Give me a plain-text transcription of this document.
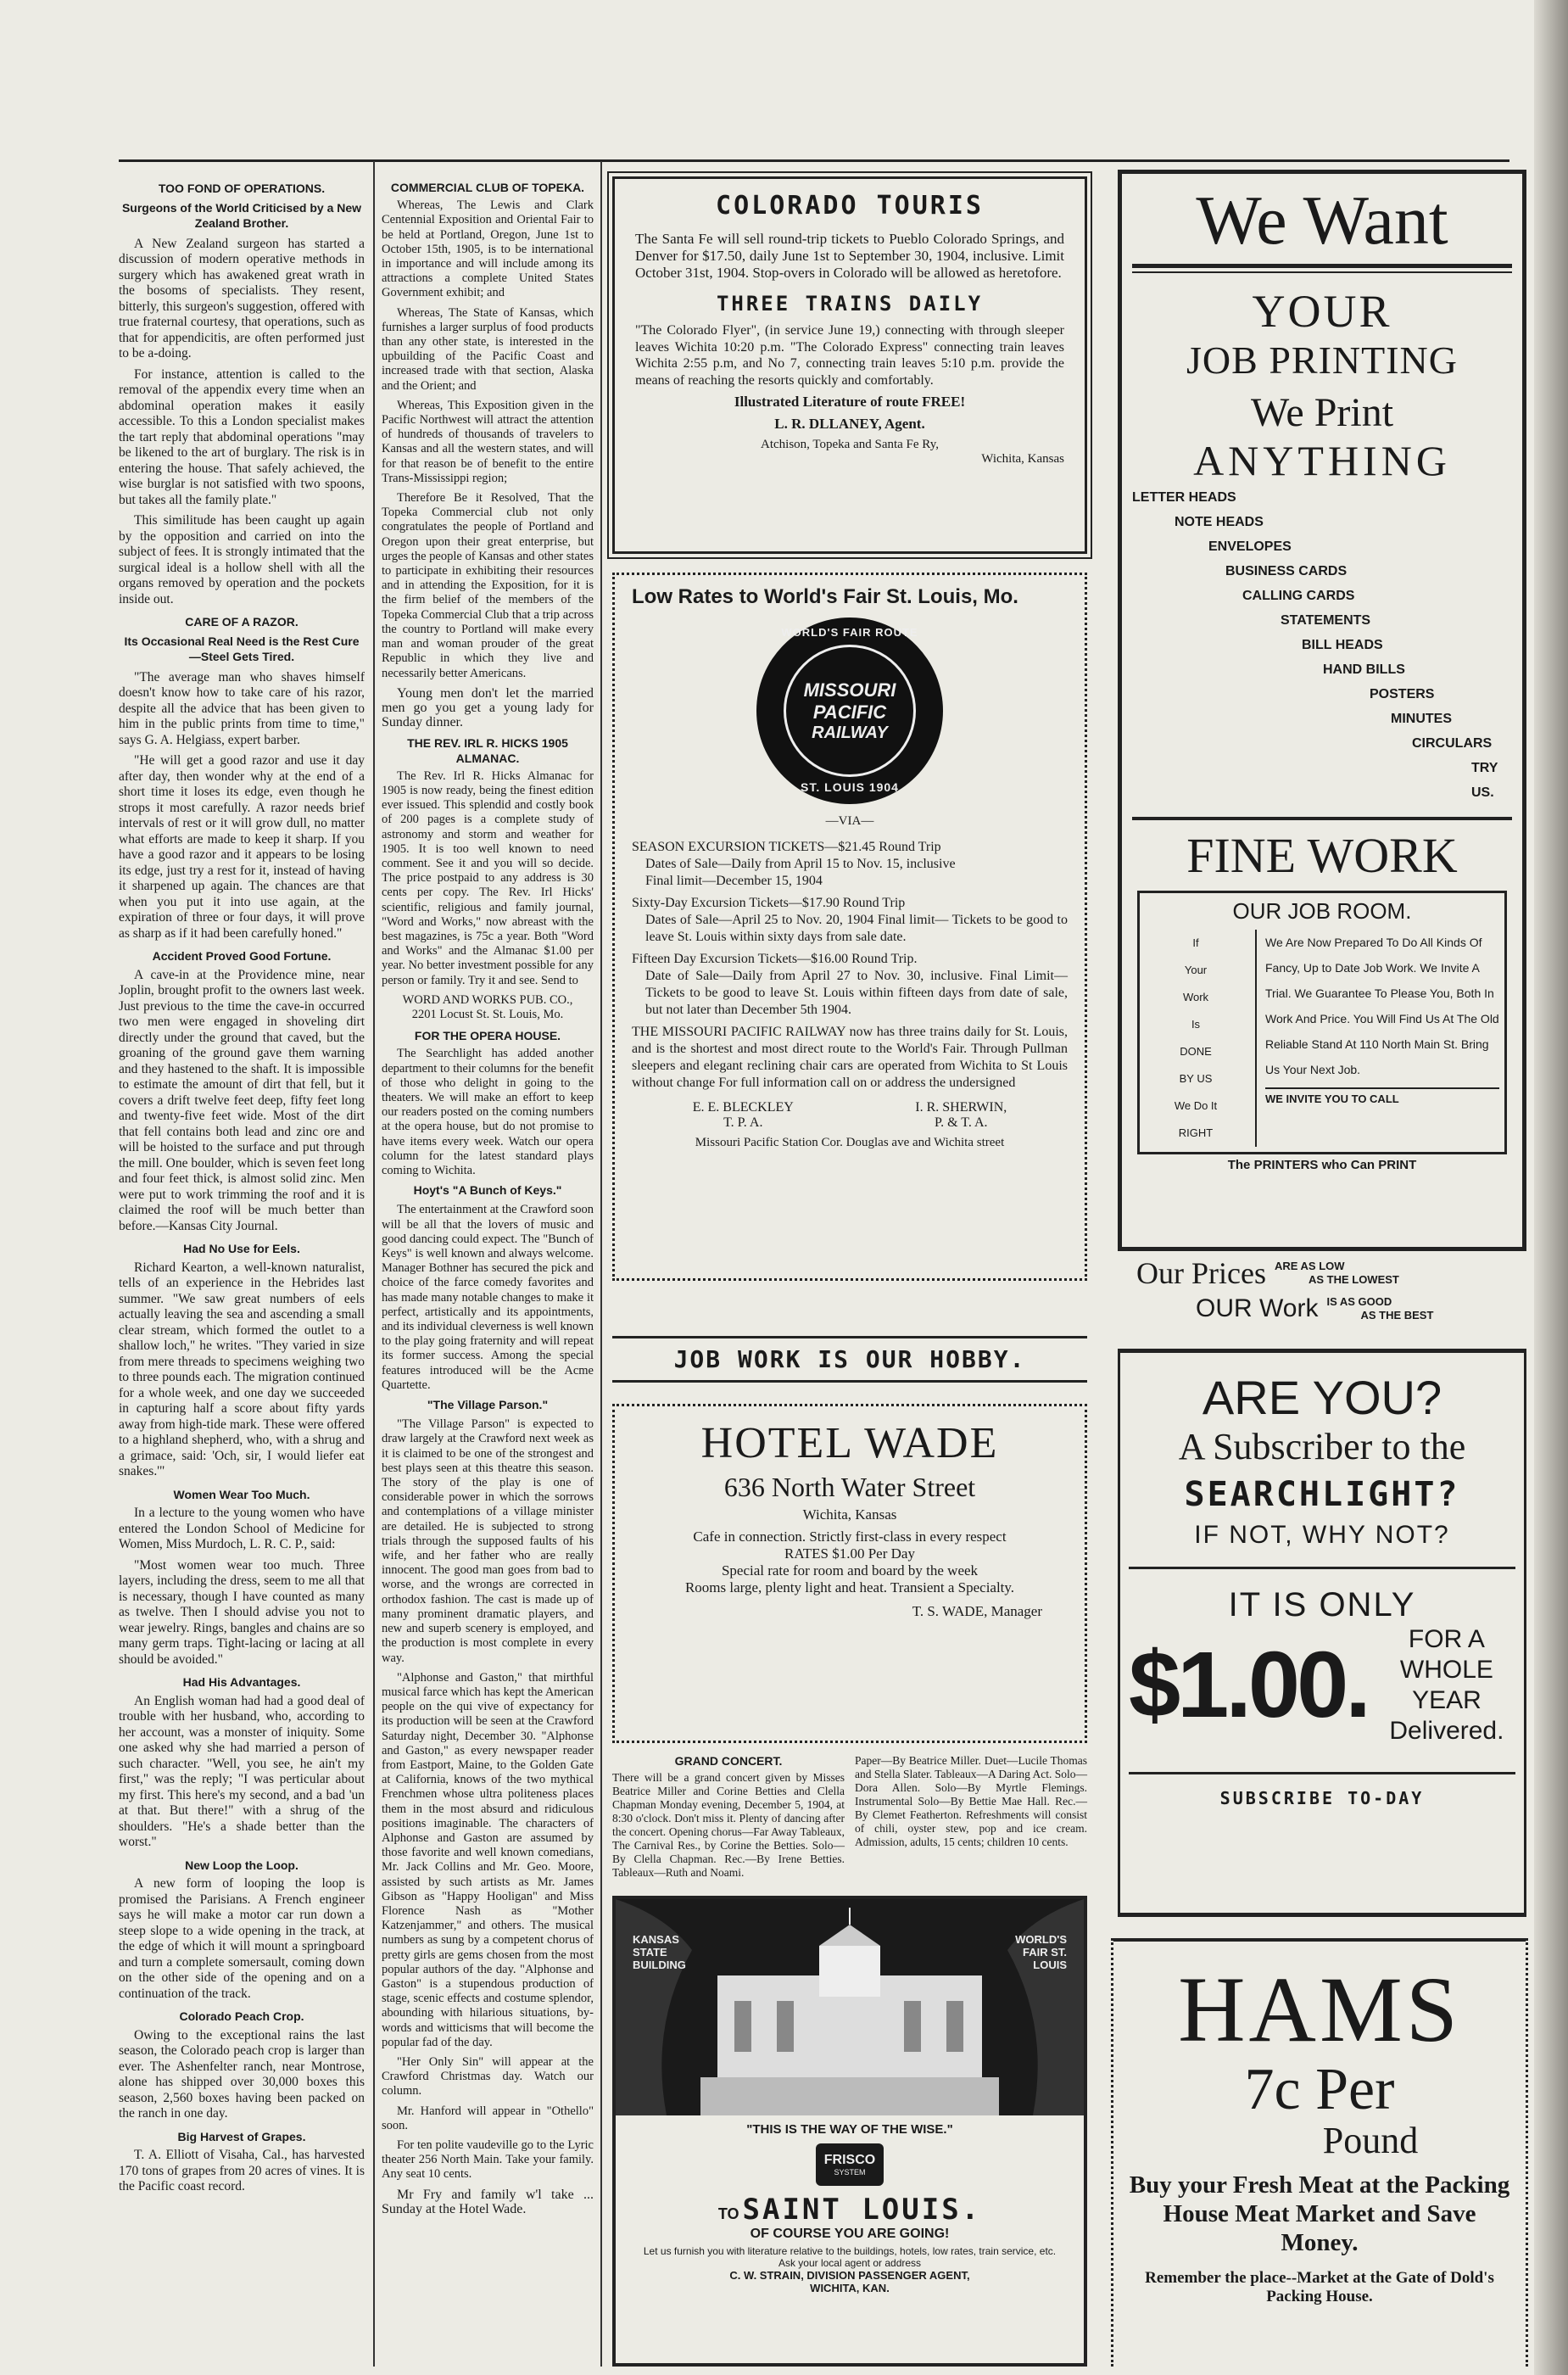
TOO FOND OF OPERATIONS.
Surgeons of the World Criticised by a New Zealand Brother.

A New Zealand surgeon has started a discussion of modern operative methods in surgery which has awakened great wrath in the bosoms of specialists. They resent, bitterly, this surgeon's suggestion, offered with true fraternal courtesy, that operations, such as that for appendicitis, are often performed just to be a-doing.

For instance, attention is called to the removal of the appendix every time when an abdominal operation makes it easily accessible. To this a London specialist makes the tart reply that abdominal operations "may be likened to the art of burglary. The risk is in entering the house. That safely achieved, the wise burglar is not satisfied with two spoons, but takes all the family plate."

This similitude has been caught up again by the opposition and carried on into the subject of fees. It is strongly intimated that the surgical ideal is a hollow shell with all the organs removed by operation and the pockets inside out.

CARE OF A RAZOR.
Its Occasional Real Need is the Rest Cure—Steel Gets Tired.

"The average man who shaves himself doesn't know how to take care of his razor, despite all the advice that has been given to him in the public prints from time to time," says G. A. Helgiass, expert barber.

"He will get a good razor and use it day after day, then wonder why at the end of a short time it loses its edge, even though he strops it most carefully. A razor needs brief intervals of rest or it will grow dull, no matter what efforts are made to keep it sharp. If you have a good razor and it appears to be losing its edge, just try a rest for it, instead of having it sharpened up again. The chances are that when you put it into use again, at the expiration of three or four days, it will prove as sharp as if it had been carefully honed."

Accident Proved Good Fortune.

A cave-in at the Providence mine, near Joplin, brought profit to the owners last week. Just previous to the time the cave-in occurred two men were engaged in shoveling dirt directly under the ground that caved, but the groaning of the ground gave them warning and they hastened to the shaft. It is impossible to estimate the amount of dirt that fell, but it covers a drift twelve feet deep, fifty feet long and twenty-five feet wide. Most of the dirt that fell contains both lead and zinc ore and will be hoisted to the surface and put through the mill. One boulder, which is seven feet long and four feet thick, is almost solid zinc. Men were put to work trimming the roof and it is claimed the roof will be much better than before.—Kansas City Journal.

Had No Use for Eels.

Richard Kearton, a well-known naturalist, tells of an experience in the Hebrides last summer. "We saw great numbers of eels actually leaving the sea and ascending a small clear stream, which formed the outlet to a shallow loch," he writes. "They varied in size from mere threads to specimens weighing two to three pounds each. The migration continued for a whole week, and one day we succeeded in capturing half a score about fifty yards away from high-tide mark. These were offered to a highland shepherd, who, with a shrug and a grimace, said: 'Och, sir, I would liefer eat snakes.'"

Women Wear Too Much.

In a lecture to the young women who have entered the London School of Medicine for Women, Miss Murdoch, L. R. C. P., said:

"Most women wear too much. Three layers, including the dress, seem to me all that is necessary, though I have counted as many as twelve. Then I should advise you not to wear jewelry. Rings, bangles and chains are so many germ traps. Tight-lacing or lacing at all should be avoided."

Had His Advantages.

An English woman had had a good deal of trouble with her husband, who, according to her account, was a monster of iniquity. Some one asked why she had married a person of such character. "Well, you see, he ain't my first," was the reply; "I was perticular about my first. This here's my second, and a bad 'un at that. But there!" with a shrug of the shoulders. "He's a shade better than the worst."

New Loop the Loop.

A new form of looping the loop is promised the Parisians. A French engineer says he will make a motor car run down a steep slope to a wide opening in the track, at the edge of which it will mount a springboard and turn a complete somersault, coming down on the other side of the opening and on a continuation of the track.

Colorado Peach Crop.

Owing to the exceptional rains the last season, the Colorado peach crop is larger than ever. The Ashenfelter ranch, near Montrose, alone has shipped over 30,000 boxes this season, 2,560 boxes having been packed on the ranch in one day.

Big Harvest of Grapes.

T. A. Elliott of Visaha, Cal., has harvested 170 tons of grapes from 20 acres of vines. It is the Pacific coast record.

COMMERCIAL CLUB OF TOPEKA.

Whereas, The Lewis and Clark Centennial Exposition and Oriental Fair to be held at Portland, Oregon, June 1st to October 15th, 1905, is to be international in importance and will include among its attractions a complete United States Government exhibit; and

Whereas, The State of Kansas, which furnishes a larger surplus of food products than any other state, is interested in the upbuilding of the Pacific Coast and increased trade with that section, Alaska and the Orient; and

Whereas, This Exposition given in the Pacific Northwest will attract the attention of hundreds of thousands of travelers to Kansas and all the western states, and will for that reason be of benefit to the entire Trans-Mississippi region;

Therefore Be it Resolved, That the Topeka Commercial club not only congratulates the people of Portland and Oregon upon their great enterprise, but urges the people of Kansas and other states to participate in exhibiting their resources and in attending the Exposition, for it is the firm belief of the members of the Topeka Commercial Club that a trip across the country to Portland will make every man and woman prouder of the great Republic in which they live and necessarily better Americans.

Young men don't let the married men go you get a young lady for Sunday dinner.

THE REV. IRL R. HICKS 1905 ALMANAC.

The Rev. Irl R. Hicks Almanac for 1905 is now ready, being the finest edition ever issued. This splendid and costly book of 200 pages is a complete study of astronomy and storm and weather for 1905. It is too well known to need comment. See it and you will so decide. The price postpaid to any address is 30 cents per copy. The Rev. Irl Hicks' scientific, religious and family journal, "Word and Works," now abreast with the best magazines, is 75c a year. Both "Word and Works" and the Almanac $1.00 per year. No better investment possible for any person or family. Try it and see. Send to

WORD AND WORKS PUB. CO.,
2201 Locust St. St. Louis, Mo.
FOR THE OPERA HOUSE.

The Searchlight has added another department to their columns for the benefit of those who delight in going to the theaters. We will make an effort to keep our readers posted on the coming numbers at the opera house, but do not promise to have items every week. Watch our opera column for the latest standard plays coming to Wichita.

Hoyt's "A Bunch of Keys."

The entertainment at the Crawford soon will be all that the lovers of music and good dancing could expect. The "Bunch of Keys" is well known and always welcome. Manager Bothner has secured the pick and choice of the farce comedy favorites and has made many notable changes to make it perfect, artistically and its appointments, and its individual cleverness is well known to the play going fraternity and will repeat its former success. Among the special features introduced will be the Acme Quartette.

"The Village Parson."

"The Village Parson" is expected to draw largely at the Crawford next week as it is claimed to be one of the strongest and best plays seen at this theatre this season. The story of the play is one of considerable power in which the sorrows and contemplations of a village minister are detailed. He is subjected to strong trials through the supposed faults of his wife, and her father who are really innocent. The good man goes from bad to worse, and the wrongs are corrected in orthodox fashion. The cast is made up of many prominent dramatic players, and new and superb scenery is employed, and the production is most complete in every way.

"Alphonse and Gaston," that mirthful musical farce which has kept the American people on the qui vive of expectancy for its production will be seen at the Crawford Saturday night, December 30. "Alphonse and Gaston," as every newspaper reader from Eastport, Maine, to the Golden Gate at California, knows of the two mythical Frenchmen whose ultra politeness places them in the most absurd and ridiculous positions imaginable. The characters of Alphonse and Gaston are assumed by those favorite and well known comedians, Mr. Jack Collins and Mr. Geo. Moore, assisted by such artists as Mr. James Gibson as "Happy Hooligan" and Miss Florence Nash as "Mother Katzenjammer," and others. The musical numbers as sung by a competent chorus of pretty girls are gems chosen from the most popular authors of the day. "Alphonse and Gaston" is a stupendous production of stage, scenic effects and costume splendor, abounding with hilarious situations, by-words and witticisms that will become the popular fad of the day.

"Her Only Sin" will appear at the Crawford Christmas day. Watch our column.

Mr. Hanford will appear in "Othello" soon.

For ten polite vaudeville go to the Lyric theater 256 North Main. Take your family. Any seat 10 cents.

Mr Fry and family w'l take ... Sunday at the Hotel Wade.

COLORADO TOURIS

The Santa Fe will sell round-trip tickets to Pueblo Colorado Springs, and Denver for $17.50, daily June 1st to September 30, 1904, inclusive. Limit October 31st, 1904. Stop-overs in Colorado will be allowed as heretofore.

THREE TRAINS DAILY

"The Colorado Flyer", (in service June 19,) connecting with through sleeper leaves Wichita 10:20 p.m. "The Colorado Express" connecting train leaves Wichita 2:55 p.m, and No 7, connecting train leaves 5:10 p.m. provide the means of reaching the resorts quickly and comfortably.

Illustrated Literature of route FREE!

L. R. DLLANEY, Agent.

Atchison, Topeka and Santa Fe Ry,

Wichita, Kansas

Low Rates to World's Fair St. Louis, Mo.
WORLD'S FAIR ROUTE
MISSOURI
PACIFIC
RAILWAY
ST. LOUIS 1904
—VIA—

SEASON EXCURSION TICKETS—$21.45 Round Trip

Dates of Sale—Daily from April 15 to Nov. 15, inclusive

Final limit—December 15, 1904

Sixty-Day Excursion Tickets—$17.90 Round Trip

Dates of Sale—April 25 to Nov. 20, 1904 Final limit— Tickets to be good to leave St. Louis within sixty days from sale date.

Fifteen Day Excursion Tickets—$16.00 Round Trip.

Date of Sale—Daily from April 27 to Nov. 30, inclusive. Final Limit—Tickets to be good to leave St. Louis within fifteen days from date of sale, but not later than December 5th 1904.

THE MISSOURI PACIFIC RAILWAY now has three trains daily for St. Louis, and is the shortest and most direct route to the World's Fair. Through Pullman sleepers and elegant reclining chair cars are operated from Wichita to St Louis without change For full information call on or address the undersigned

E. E. BLECKLEY
T. P. A.
I. R. SHERWIN,
P. & T. A.
Missouri Pacific Station Cor. Douglas ave and Wichita street
JOB WORK IS OUR HOBBY.
HOTEL WADE
636 North Water Street
Wichita, Kansas
Cafe in connection. Strictly first-class in every respect
RATES $1.00 Per Day
Special rate for room and board by the week
Rooms large, plenty light and heat. Transient a Specialty.
T. S. WADE, Manager
GRAND CONCERT.
There will be a grand concert given by Misses Beatrice Miller and Corine Betties and Clella Chapman Monday evening, December 5, 1904, at 8:30 o'clock. Don't miss it. Plenty of dancing after the concert. Opening chorus—Far Away Tableaux, The Carnival Res., by Corine the Betties. Solo—By Clella Chapman. Rec.—By Irene Betties. Tableaux—Ruth and Noami.
Paper—By Beatrice Miller. Duet—Lucile Thomas and Stella Slater. Tableaux—A Daring Act. Solo—Dora Allen. Solo—By Myrtle Flemings. Instrumental Solo—By Bettie Mae Hall. Rec.—By Clemet Featherton. Refreshments will consist of chili, oyster stew, pop and ice cream. Admission, adults, 15 cents; children 10 cents.
KANSAS STATE BUILDING
WORLD'S FAIR ST. LOUIS
"THIS IS THE WAY OF THE WISE."
FRISCO
SYSTEM
TO SAINT LOUIS.
OF COURSE YOU ARE GOING!
Let us furnish you with literature relative to the buildings, hotels, low rates, train service, etc. Ask your local agent or address
C. W. STRAIN, DIVISION PASSENGER AGENT,
WICHITA, KAN.
We Want
YOUR
JOB PRINTING
We Print
ANYTHING
LETTER HEADS
NOTE HEADS
ENVELOPES
BUSINESS CARDS
CALLING CARDS
STATEMENTS
BILL HEADS
HAND BILLS
POSTERS
MINUTES
CIRCULARS
TRY US.
FINE WORK
OUR JOB ROOM.
If
Your
Work
Is
DONE
BY US
We Do It
RIGHT
We Are Now Prepared To Do All Kinds Of Fancy, Up to Date Job Work. We Invite A Trial. We Guarantee To Please You, Both In Work And Price. You Will Find Us At The Old Reliable Stand At 110 North Main St. Bring Us Your Next Job.
WE INVITE YOU TO CALL
The PRINTERS who Can PRINT
Our Prices ARE AS LOW
AS THE LOWEST
OUR Work IS AS GOOD
AS THE BEST
ARE YOU?
A Subscriber to the
SEARCHLIGHT?
IF NOT, WHY NOT?
IT IS ONLY
$1.00.	FOR A
WHOLE YEAR
Delivered.
SUBSCRIBE TO-DAY
HAMS
7c Per
Pound
Buy your Fresh Meat at the Packing House Meat Market and Save Money.
Remember the place--Market at the Gate of Dold's Packing House.
